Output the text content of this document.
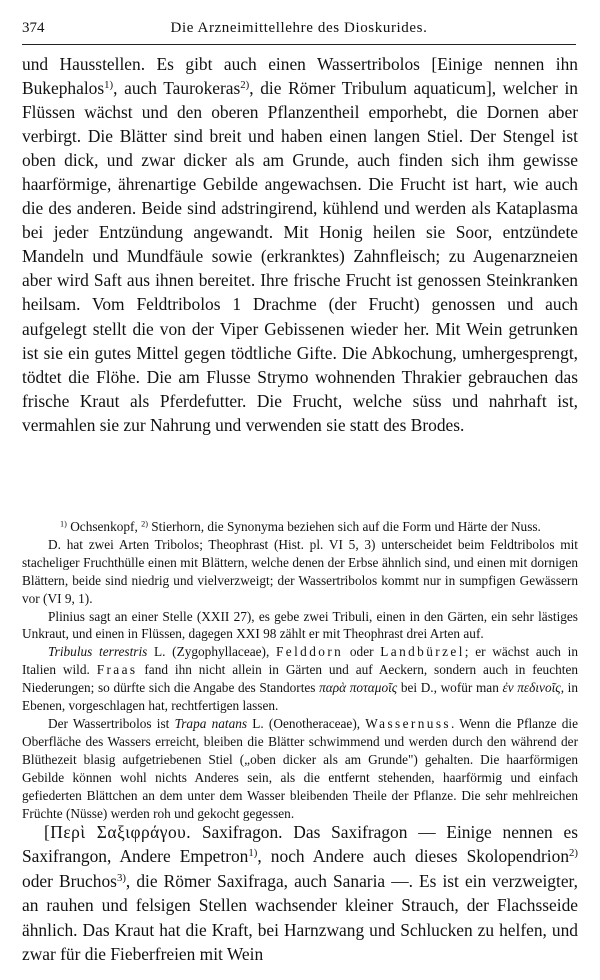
374	Die Arzneimittellehre des Dioskurides.

und Hausstellen. Es gibt auch einen Wassertribolos [Einige nennen ihn Bukephalos$^{1)}$, auch Taurokeras$^{2)}$, die Römer Tribulum aquaticum], welcher in Flüssen wächst und den oberen Pflanzentheil emporhebt, die Dornen aber verbirgt. Die Blätter sind breit und haben einen langen Stiel. Der Stengel ist oben dick, und zwar dicker als am Grunde, auch finden sich ihm gewisse haarförmige, ährenartige Gebilde angewachsen. Die Frucht ist hart, wie auch die des anderen. Beide sind adstringirend, kühlend und werden als Kataplasma bei jeder Entzündung angewandt. Mit Honig heilen sie Soor, entzündete Mandeln und Mundfäule sowie (erkranktes) Zahnfleisch; zu Augenarzneien aber wird Saft aus ihnen bereitet. Ihre frische Frucht ist genossen Steinkranken heilsam. Vom Feldtribolos 1 Drachme (der Frucht) genossen und auch aufgelegt stellt die von der Viper Gebissenen wieder her. Mit Wein getrunken ist sie ein gutes Mittel gegen tödtliche Gifte. Die Abkochung, umhergesprengt, tödtet die Flöhe. Die am Flusse Strymo wohnenden Thrakier gebrauchen das frische Kraut als Pferdefutter. Die Frucht, welche süss und nahrhaft ist, vermahlen sie zur Nahrung und verwenden sie statt des Brodes.

$^{1)}$ Ochsenkopf, $^{2)}$ Stierhorn, die Synonyma beziehen sich auf die Form und Härte der Nuss.

D. hat zwei Arten Tribolos; Theophrast (Hist. pl. VI 5, 3) unterscheidet beim Feldtribolos mit stacheliger Fruchthülle einen mit Blättern, welche denen der Erbse ähnlich sind, und einen mit dornigen Blättern, beide sind niedrig und vielverzweigt; der Wassertribolos kommt nur in sumpfigen Gewässern vor (VI 9, 1).

Plinius sagt an einer Stelle (XXII 27), es gebe zwei Tribuli, einen in den Gärten, ein sehr lästiges Unkraut, und einen in Flüssen, dagegen XXI 98 zählt er mit Theophrast drei Arten auf.

Tribulus terrestris L. (Zygophyllaceae), Felddorn oder Landbürzel; er wächst auch in Italien wild. Fraas fand ihn nicht allein in Gärten und auf Aeckern, sondern auch in feuchten Niederungen; so dürfte sich die Angabe des Standortes παρὰ ποταμοῖς bei D., wofür man ἐν πεδινοῖς, in Ebenen, vorgeschlagen hat, rechtfertigen lassen.

Der Wassertribolos ist Trapa natans L. (Oenotheraceae), Wassernuss. Wenn die Pflanze die Oberfläche des Wassers erreicht, bleiben die Blätter schwimmend und werden durch den während der Blüthezeit blasig aufgetriebenen Stiel („oben dicker als am Grunde") gehalten. Die haarförmigen Gebilde können wohl nichts Anderes sein, als die entfernt stehenden, haarförmig und einfach gefiederten Blättchen an dem unter dem Wasser bleibenden Theile der Pflanze. Die sehr mehlreichen Früchte (Nüsse) werden roh und gekocht gegessen.

[Περὶ Σαξιφράγου. Saxifragon. Das Saxifragon — Einige nennen es Saxifrangon, Andere Empetron$^{1)}$, noch Andere auch dieses Skolopendrion$^{2)}$ oder Bruchos$^{3)}$, die Römer Saxifraga, auch Sanaria —. Es ist ein verzweigter, an rauhen und felsigen Stellen wachsender kleiner Strauch, der Flachsseide ähnlich. Das Kraut hat die Kraft, bei Harnzwang und Schlucken zu helfen, und zwar für die Fieberfreien mit Wein
